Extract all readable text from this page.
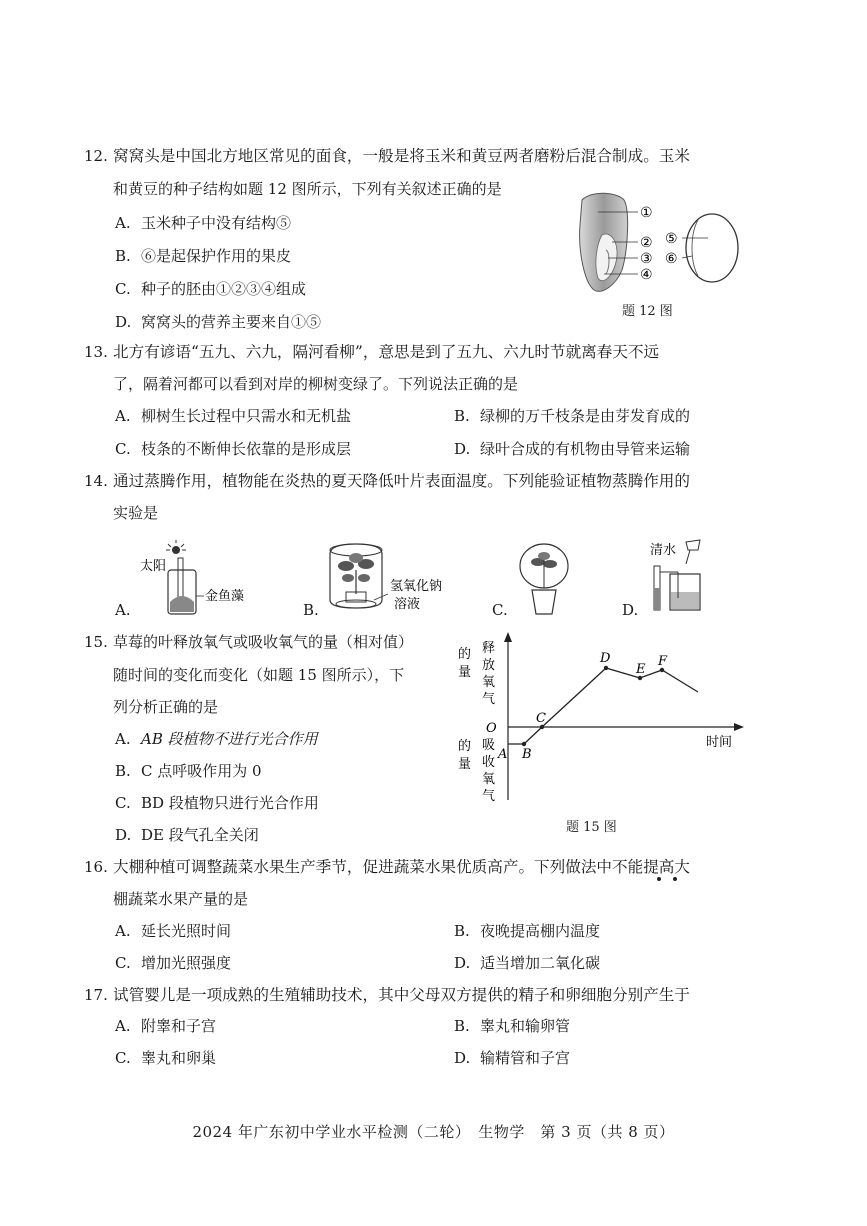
12. 窝窝头是中国北方地区常见的面食，一般是将玉米和黄豆两者磨粉后混合制成。玉米
和黄豆的种子结构如题 12 图所示，下列有关叙述正确的是
A. 玉米种子中没有结构⑤
B. ⑥是起保护作用的果皮
C. 种子的胚由①②③④组成
D. 窝窝头的营养主要来自①⑤
①
②
③
④
⑤
⑥
题 12 图
13. 北方有谚语“五九、六九，隔河看柳”，意思是到了五九、六九时节就离春天不远
了，隔着河都可以看到对岸的柳树变绿了。下列说法正确的是
A. 柳树生长过程中只需水和无机盐	B. 绿柳的万千枝条是由芽发育成的
C. 枝条的不断伸长依靠的是形成层	D. 绿叶合成的有机物由导管来运输
14. 通过蒸腾作用，植物能在炎热的夏天降低叶片表面温度。下列能验证植物蒸腾作用的
实验是
A.
太阳
金鱼藻
B.
氢氧化钠
溶液	C.	D.
清水
15. 草莓的叶释放氧气或吸收氧气的量（相对值）
随时间的变化而变化（如题 15 图所示），下
列分析正确的是
A. AB 段植物不进行光合作用
B. C 点呼吸作用为 0
C. BD 段植物只进行光合作用
D. DE 段气孔全关闭
的
量
释
放
氧
气
O
的
量
吸
收
氧
气
时间
A B
C
D
E
F
题 15 图
16. 大棚种植可调整蔬菜水果生产季节，促进蔬菜水果优质高产。下列做法中不能提高大
棚蔬菜水果产量的是
A. 延长光照时间	B. 夜晚提高棚内温度
C. 增加光照强度	D. 适当增加二氧化碳
17. 试管婴儿是一项成熟的生殖辅助技术，其中父母双方提供的精子和卵细胞分别产生于
A. 附睾和子宫	B. 睾丸和输卵管
C. 睾丸和卵巢	D. 输精管和子宫
2024 年广东初中学业水平检测（二轮）　生物学　第 3 页（共 8 页）
